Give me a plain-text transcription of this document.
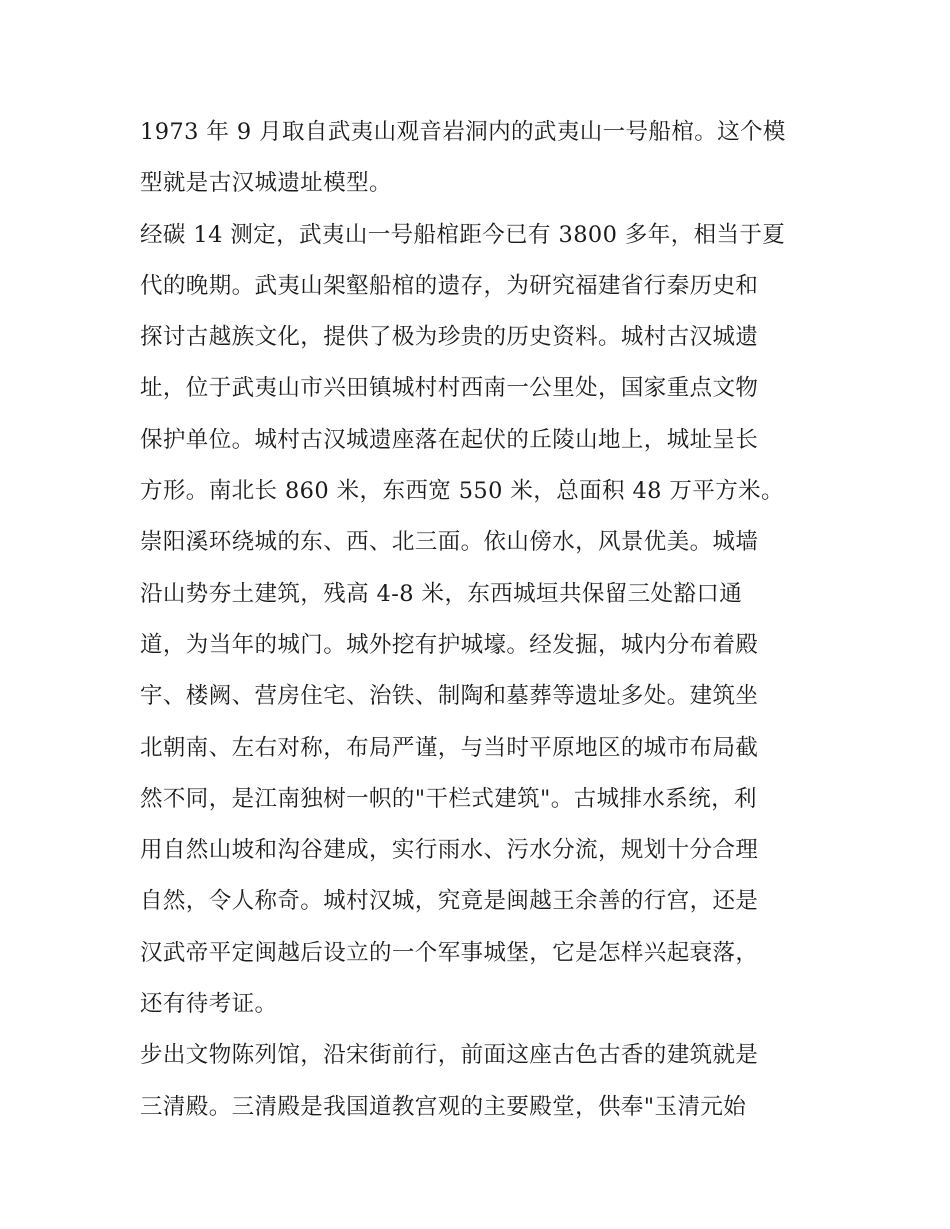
1973 年 9 月取自武夷山观音岩洞内的武夷山一号船棺。这个模
型就是古汉城遗址模型。
经碳 14 测定，武夷山一号船棺距今已有 3800 多年，相当于夏
代的晚期。武夷山架壑船棺的遗存，为研究福建省行秦历史和
探讨古越族文化，提供了极为珍贵的历史资料。城村古汉城遗
址，位于武夷山市兴田镇城村村西南一公里处，国家重点文物
保护单位。城村古汉城遗座落在起伏的丘陵山地上，城址呈长
方形。南北长 860 米，东西宽 550 米，总面积 48 万平方米。
崇阳溪环绕城的东、西、北三面。依山傍水，风景优美。城墙
沿山势夯土建筑，残高 4-8 米，东西城垣共保留三处豁口通
道，为当年的城门。城外挖有护城壕。经发掘，城内分布着殿
宇、楼阙、营房住宅、治铁、制陶和墓葬等遗址多处。建筑坐
北朝南、左右对称，布局严谨，与当时平原地区的城市布局截
然不同，是江南独树一帜的"干栏式建筑"。古城排水系统，利
用自然山坡和沟谷建成，实行雨水、污水分流，规划十分合理
自然，令人称奇。城村汉城，究竟是闽越王余善的行宫，还是
汉武帝平定闽越后设立的一个军事城堡，它是怎样兴起衰落，
还有待考证。
步出文物陈列馆，沿宋街前行，前面这座古色古香的建筑就是
三清殿。三清殿是我国道教宫观的主要殿堂，供奉"玉清元始
